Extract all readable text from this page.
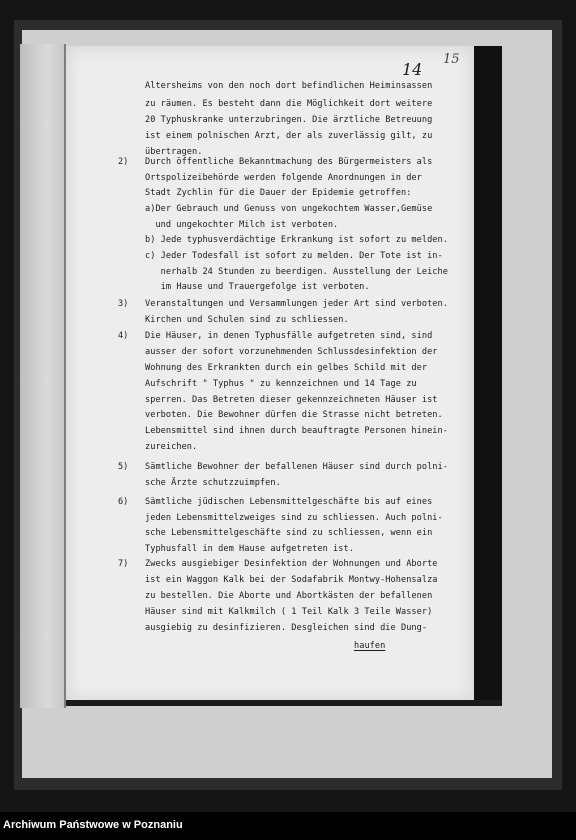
14
15
Altersheims von den noch dort befindlichen Heiminsassen
zu räumen. Es besteht dann die Möglichkeit dort weitere
20 Typhuskranke unterzubringen. Die ärztliche Betreuung
ist einem polnischen Arzt, der als zuverlässig gilt, zu
übertragen.
2) Durch öffentliche Bekanntmachung des Bürgermeisters als
Ortspolizeibehörde werden folgende Anordnungen in der
Stadt Zychlin für die Dauer der Epidemie getroffen:
a)Der Gebrauch und Genuss von ungekochtem Wasser,Gemüse
und ungekochter Milch ist verboten.
b) Jede typhusverdächtige Erkrankung ist sofort zu melden.
c) Jeder Todesfall ist sofort zu melden. Der Tote ist in-
nerhalb 24 Stunden zu beerdigen. Ausstellung der Leiche
im Hause und Trauergefolge ist verboten.
3) Veranstaltungen und Versammlungen jeder Art sind verboten.
Kirchen und Schulen sind zu schliessen.
4) Die Häuser, in denen Typhusfälle aufgetreten sind, sind
ausser der sofort vorzunehmenden Schlussdesinfektion der
Wohnung des Erkrankten durch ein gelbes Schild mit der
Aufschrift " Typhus " zu kennzeichnen und 14 Tage zu
sperren. Das Betreten dieser gekennzeichneten Häuser ist
verboten. Die Bewohner dürfen die Strasse nicht betreten.
Lebensmittel sind ihnen durch beauftragte Personen hinein-
zureichen.
5) Sämtliche Bewohner der befallenen Häuser sind durch polni-
sche Ärzte schutzzuimpfen.
6) Sämtliche jüdischen Lebensmittelgeschäfte bis auf eines
jeden Lebensmittelzweiges sind zu schliessen. Auch polni-
sche Lebensmittelgeschäfte sind zu schliessen, wenn ein
Typhusfall in dem Hause aufgetreten ist.
7) Zwecks ausgiebiger Desinfektion der Wohnungen und Aborte
ist ein Waggon Kalk bei der Sodafabrik Montwy-Hohensalza
zu bestellen. Die Aborte und Abortkästen der befallenen
Häuser sind mit Kalkmilch ( 1 Teil Kalk 3 Teile Wasser)
ausgiebig zu desinfizieren. Desgleichen sind die Dung-
haufen
Archiwum Państwowe w Poznaniu
